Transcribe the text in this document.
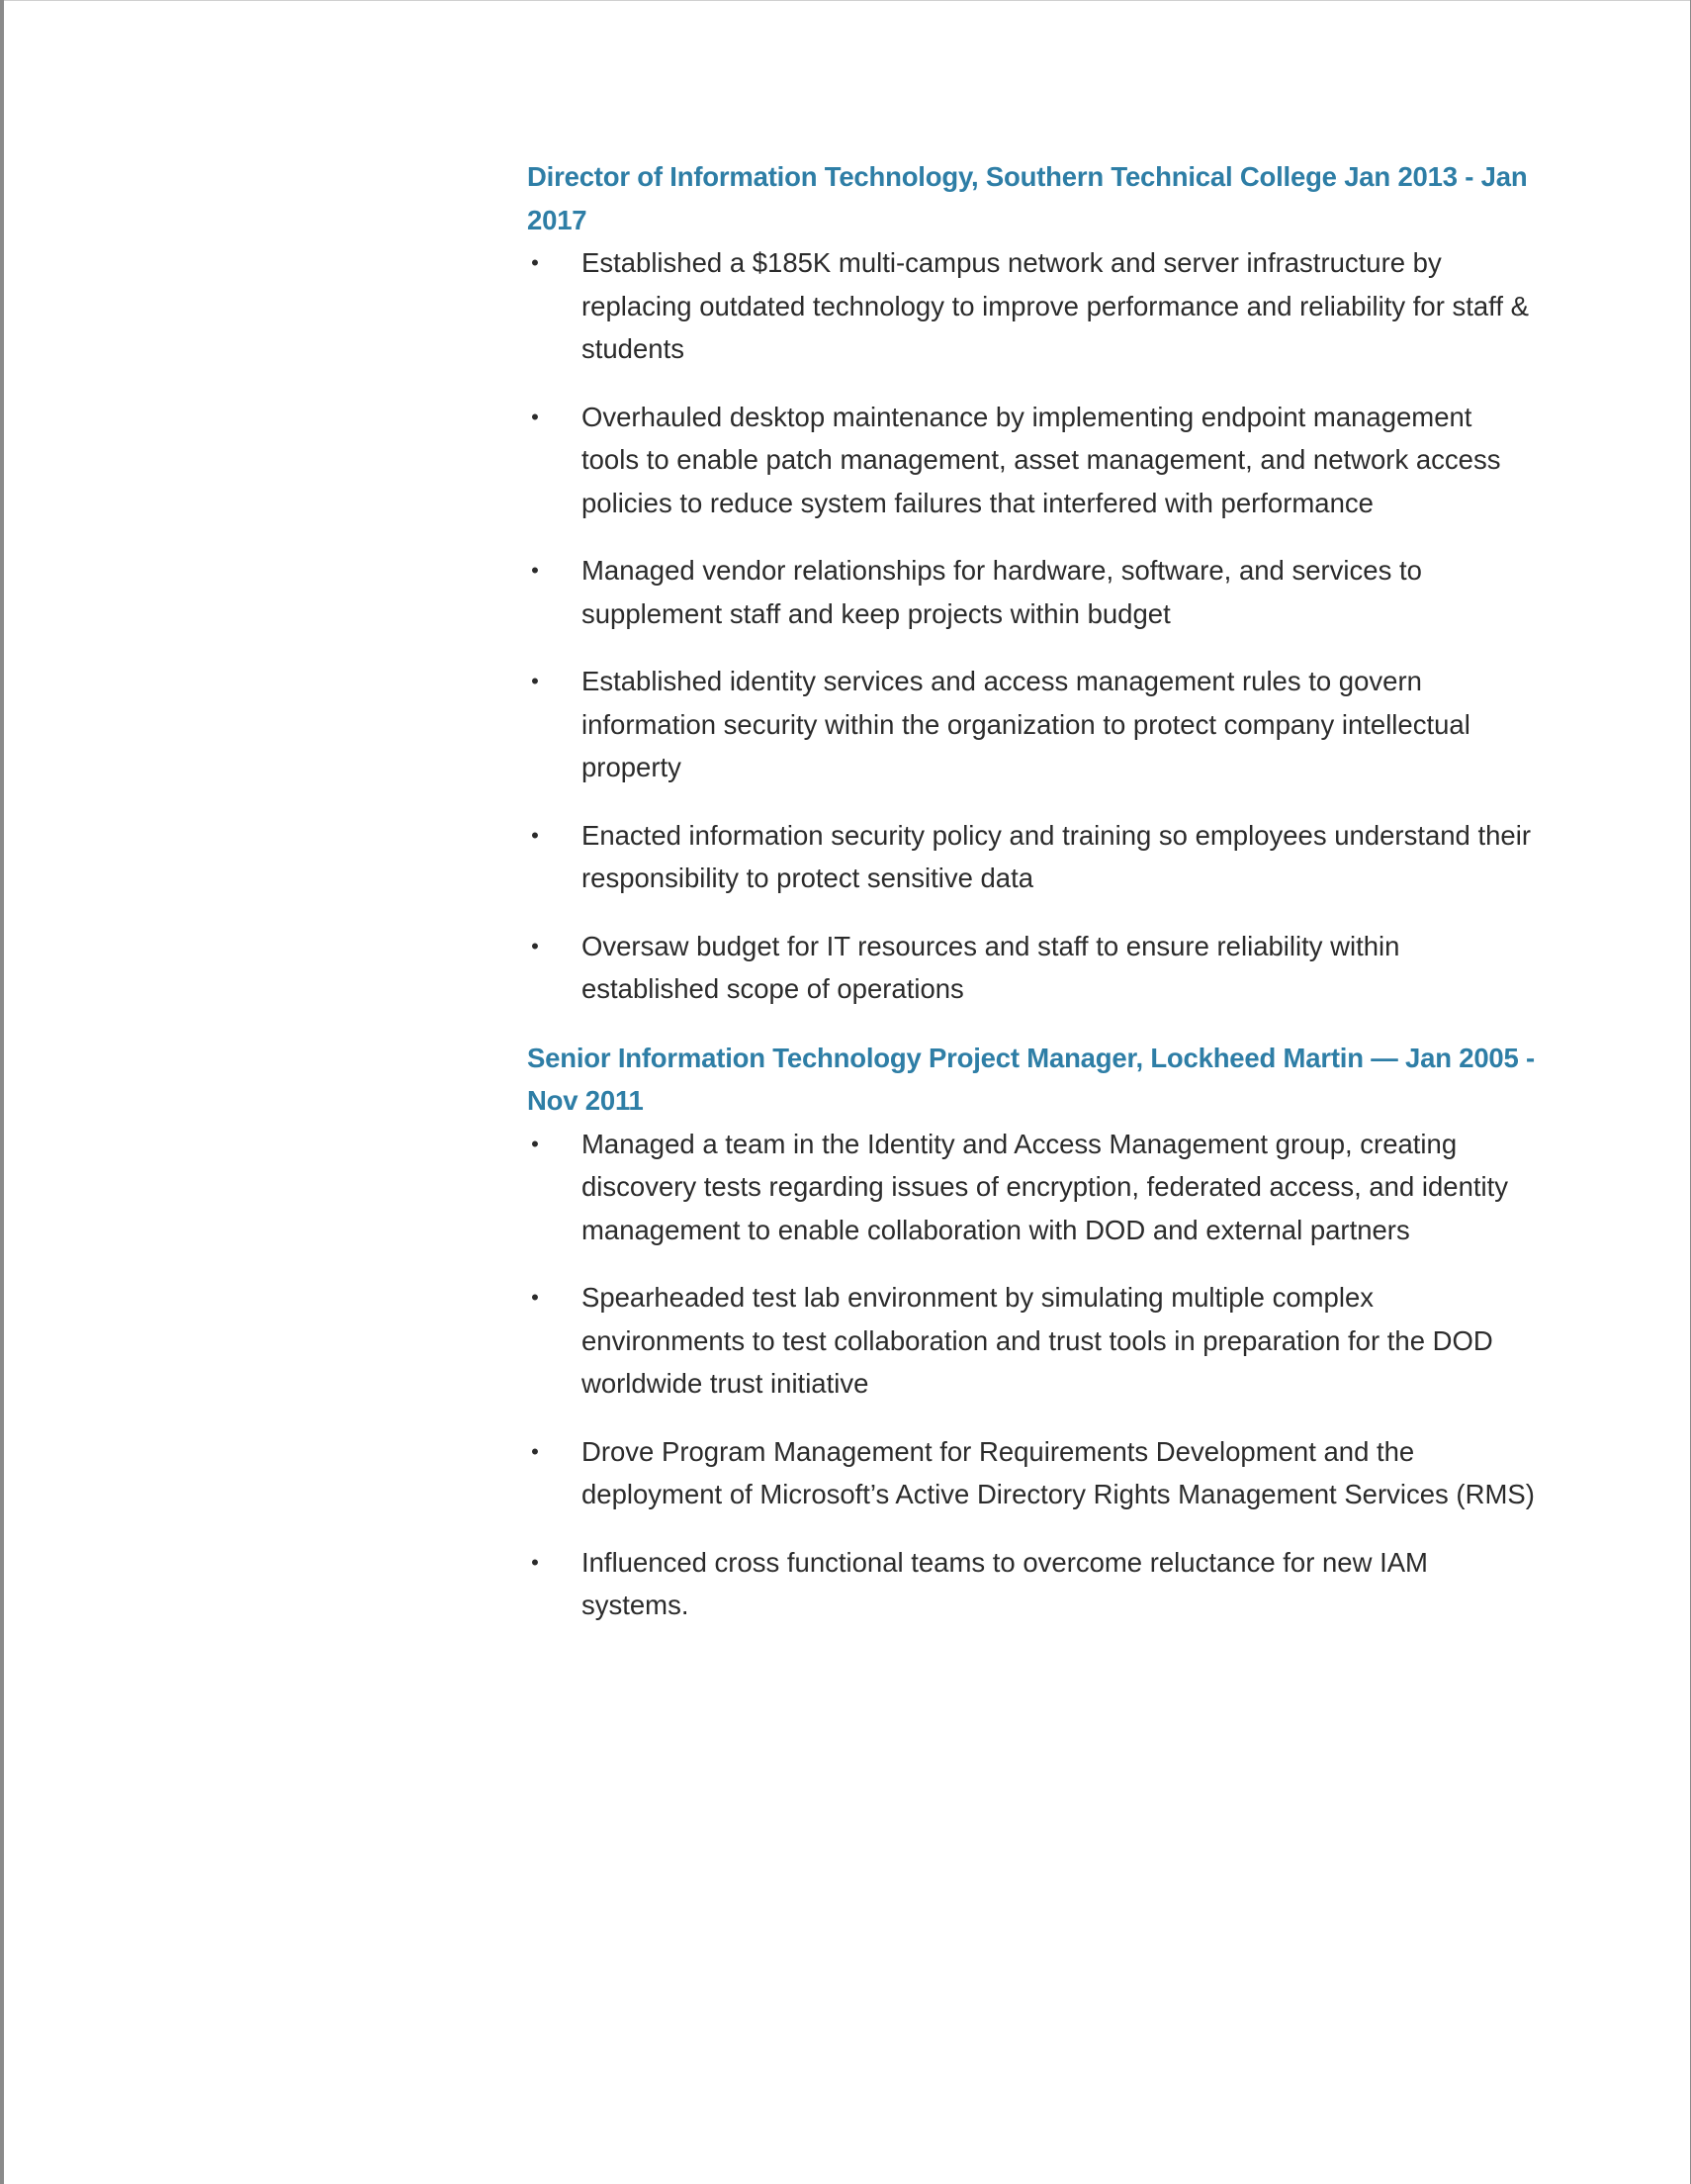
Director of Information Technology, Southern Technical College Jan 2013 - Jan 2017
• Established a $185K multi-campus network and server infrastructure by replacing outdated technology to improve performance and reliability for staff & students
• Overhauled desktop maintenance by implementing endpoint management tools to enable patch management, asset management, and network access policies to reduce system failures that interfered with performance
• Managed vendor relationships for hardware, software, and services to supplement staff and keep projects within budget
• Established identity services and access management rules to govern information security within the organization to protect company intellectual property
• Enacted information security policy and training so employees understand their responsibility to protect sensitive data
• Oversaw budget for IT resources and staff to ensure reliability within established scope of operations
Senior Information Technology Project Manager, Lockheed Martin — Jan 2005 - Nov 2011
• Managed a team in the Identity and Access Management group, creating discovery tests regarding issues of encryption, federated access, and identity management to enable collaboration with DOD and external partners
• Spearheaded test lab environment by simulating multiple complex environments to test collaboration and trust tools in preparation for the DOD worldwide trust initiative
• Drove Program Management for Requirements Development and the deployment of Microsoft’s Active Directory Rights Management Services (RMS)
• Influenced cross functional teams to overcome reluctance for new IAM systems.
